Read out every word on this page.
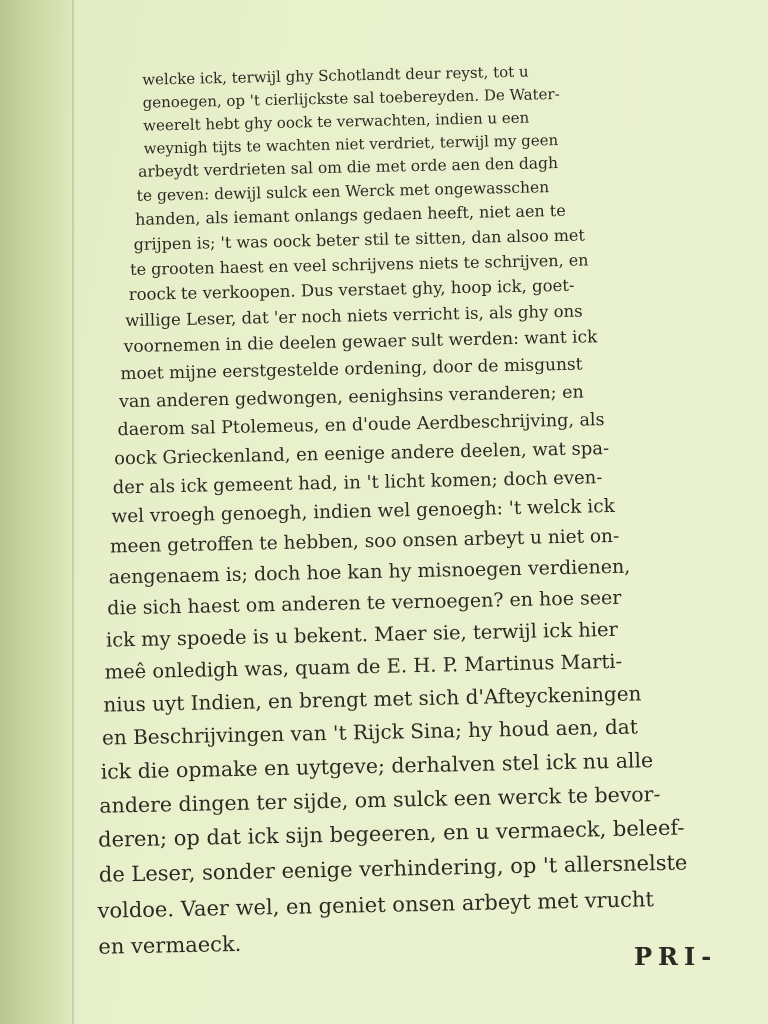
welcke ick, terwijl ghy Schotlandt deur reyst, tot u
genoegen, op 't cierlijckste sal toebereyden. De Water-
weerelt hebt ghy oock te verwachten, indien u een
weynigh tijts te wachten niet verdriet, terwijl my geen
arbeydt verdrieten sal om die met orde aen den dagh
te geven: dewijl sulck een Werck met ongewasschen
handen, als iemant onlangs gedaen heeft, niet aen te
grijpen is; 't was oock beter stil te sitten, dan alsoo met
te grooten haest en veel schrijvens niets te schrijven, en
roock te verkoopen. Dus verstaet ghy, hoop ick, goet-
willige Leser, dat 'er noch niets verricht is, als ghy ons
voornemen in die deelen gewaer sult werden: want ick
moet mijne eerstgestelde ordening, door de misgunst
van anderen gedwongen, eenighsins veranderen; en
daerom sal Ptolemeus, en d'oude Aerdbeschrijving, als
oock Grieckenland, en eenige andere deelen, wat spa-
der als ick gemeent had, in 't licht komen; doch even-
wel vroegh genoegh, indien wel genoegh: 't welck ick
meen getroffen te hebben, soo onsen arbeyt u niet on-
aengenaem is; doch hoe kan hy misnoegen verdienen,
die sich haest om anderen te vernoegen? en hoe seer
ick my spoede is u bekent. Maer sie, terwijl ick hier
meê onledigh was, quam de E. H. P. Martinus Marti-
nius uyt Indien, en brengt met sich d'Afteyckeningen
en Beschrijvingen van 't Rijck Sina; hy houd aen, dat
ick die opmake en uytgeve; derhalven stel ick nu alle
andere dingen ter sijde, om sulck een werck te bevor-
deren; op dat ick sijn begeeren, en u vermaeck, beleef-
de Leser, sonder eenige verhindering, op 't allersnelste
voldoe. Vaer wel, en geniet onsen arbeyt met vrucht
en vermaeck.	PRI-
